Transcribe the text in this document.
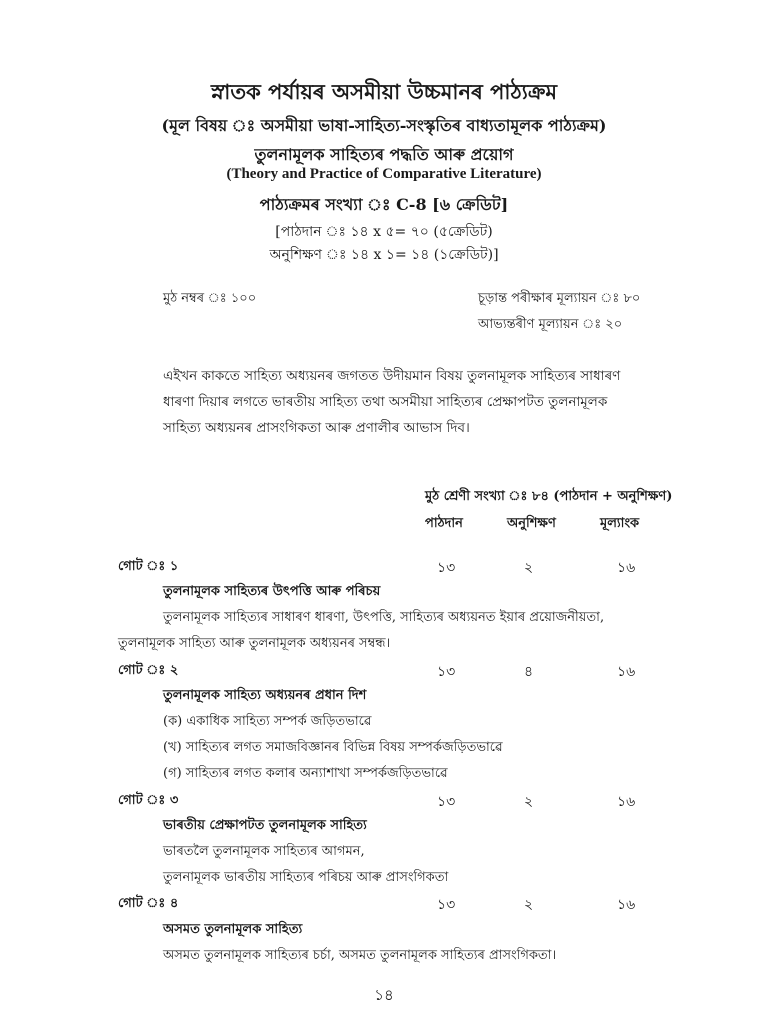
স্নাতক পৰ্যায়ৰ অসমীয়া উচ্চমানৰ পাঠ্যক্ৰম
(মূল বিষয় ঃ অসমীয়া ভাষা-সাহিত্য-সংস্কৃতিৰ বাধ্যতামূলক পাঠ্যক্ৰম)
তুলনামূলক সাহিত্যৰ পদ্ধতি আৰু প্ৰয়োগ
(Theory and Practice of Comparative Literature)
পাঠ্যক্ৰমৰ সংখ্যা ঃ C-8 [৬ ক্ৰেডিট]
[পাঠদান ঃ ১৪ x ৫= ৭০ (৫ক্ৰেডিট)
অনুশিক্ষণ ঃ ১৪ x ১= ১৪ (১ক্ৰেডিট)]
মুঠ নম্বৰ ঃ ১০০	চূড়ান্ত পৰীক্ষাৰ মূল্যায়ন ঃ ৮০
আভ্যন্তৰীণ মূল্যায়ন ঃ ২০
এইখন কাকতে সাহিত্য অধ্যয়নৰ জগতত উদীয়মান বিষয় তুলনামূলক সাহিত্যৰ সাধাৰণ
ধাৰণা দিয়াৰ লগতে ভাৰতীয় সাহিত্য তথা অসমীয়া সাহিত্যৰ প্ৰেক্ষাপটত তুলনামূলক
সাহিত্য অধ্যয়নৰ প্ৰাসংগিকতা আৰু প্ৰণালীৰ আভাস দিব।
মুঠ শ্ৰেণী সংখ্যা ঃ ৮৪ (পাঠদান + অনুশিক্ষণ)
পাঠদান	অনুশিক্ষণ	মূল্যাংক
গোট ঃ ১	১৩	২	১৬
তুলনামূলক সাহিত্যৰ উৎপত্তি আৰু পৰিচয়
তুলনামূলক সাহিত্যৰ সাধাৰণ ধাৰণা, উৎপত্তি, সাহিত্যৰ অধ্যয়নত ইয়াৰ প্ৰয়োজনীয়তা,
তুলনামূলক সাহিত্য আৰু তুলনামূলক অধ্যয়নৰ সম্বন্ধ।
গোট ঃ ২	১৩	৪	১৬
তুলনামূলক সাহিত্য অধ্যয়নৰ প্ৰধান দিশ
(ক) একাধিক সাহিত্য সম্পৰ্ক জড়িতভাৱে
(খ) সাহিত্যৰ লগত সমাজবিজ্ঞানৰ বিভিন্ন বিষয় সম্পৰ্কজড়িতভাৱে
(গ) সাহিত্যৰ লগত কলাৰ অন্যাশাখা সম্পৰ্কজড়িতভাৱে
গোট ঃ ৩	১৩	২	১৬
ভাৰতীয় প্ৰেক্ষাপটত তুলনামূলক সাহিত্য
ভাৰতলৈ তুলনামূলক সাহিত্যৰ আগমন,
তুলনামূলক ভাৰতীয় সাহিত্যৰ পৰিচয় আৰু প্ৰাসংগিকতা
গোট ঃ ৪	১৩	২	১৬
অসমত তুলনামূলক সাহিত্য
অসমত তুলনামূলক সাহিত্যৰ চৰ্চা, অসমত তুলনামূলক সাহিত্যৰ প্ৰাসংগিকতা।
১৪
